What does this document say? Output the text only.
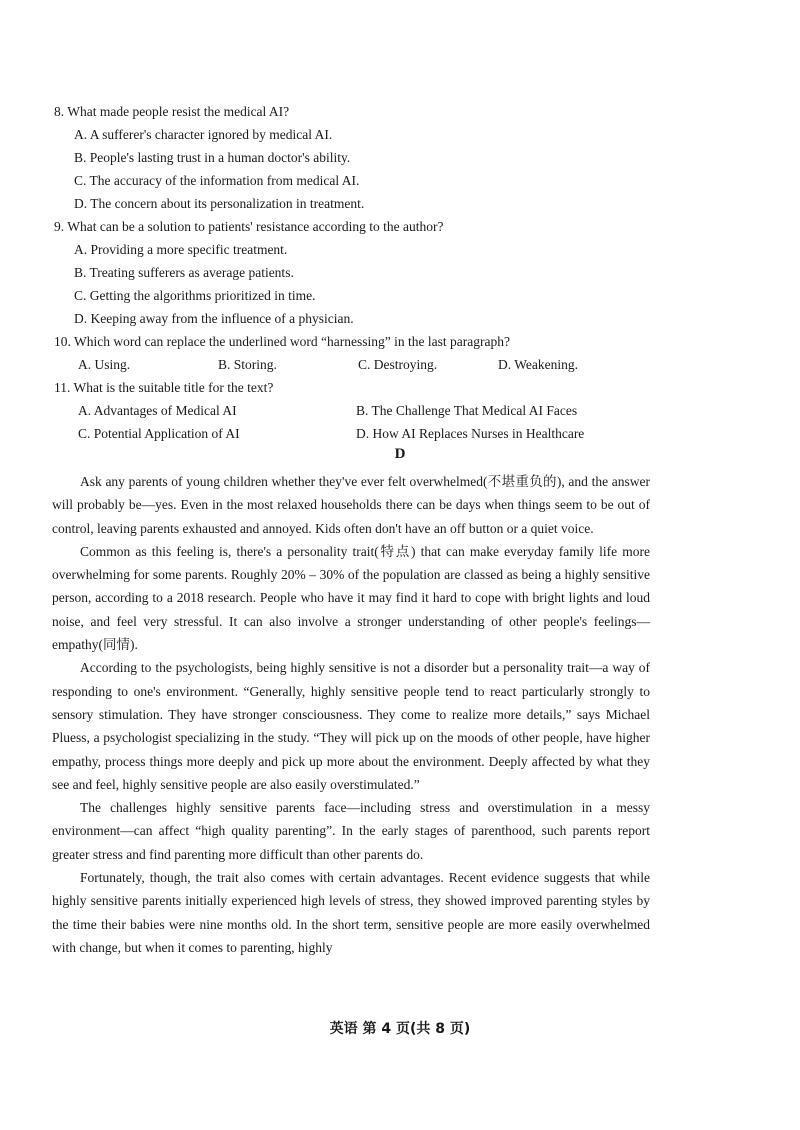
8. What made people resist the medical AI?
A. A sufferer's character ignored by medical AI.
B. People's lasting trust in a human doctor's ability.
C. The accuracy of the information from medical AI.
D. The concern about its personalization in treatment.
9. What can be a solution to patients' resistance according to the author?
A. Providing a more specific treatment.
B. Treating sufferers as average patients.
C. Getting the algorithms prioritized in time.
D. Keeping away from the influence of a physician.
10. Which word can replace the underlined word “harnessing” in the last paragraph?
A. Using.	B. Storing.	C. Destroying.	D. Weakening.
11. What is the suitable title for the text?
A. Advantages of Medical AI	B. The Challenge That Medical AI Faces
C. Potential Application of AI	D. How AI Replaces Nurses in Healthcare
D

Ask any parents of young children whether they've ever felt overwhelmed(不堪重负的), and the answer will probably be—yes. Even in the most relaxed households there can be days when things seem to be out of control, leaving parents exhausted and annoyed. Kids often don't have an off button or a quiet voice.

Common as this feeling is, there's a personality trait(特点) that can make everyday family life more overwhelming for some parents. Roughly 20% – 30% of the population are classed as being a highly sensitive person, according to a 2018 research. People who have it may find it hard to cope with bright lights and loud noise, and feel very stressful. It can also involve a stronger understanding of other people's feelings—empathy(同情).

According to the psychologists, being highly sensitive is not a disorder but a personality trait—a way of responding to one's environment. “Generally, highly sensitive people tend to react particularly strongly to sensory stimulation. They have stronger consciousness. They come to realize more details,” says Michael Pluess, a psychologist specializing in the study. “They will pick up on the moods of other people, have higher empathy, process things more deeply and pick up more about the environment. Deeply affected by what they see and feel, highly sensitive people are also easily overstimulated.”

The challenges highly sensitive parents face—including stress and overstimulation in a messy environment—can affect “high quality parenting”. In the early stages of parenthood, such parents report greater stress and find parenting more difficult than other parents do.

Fortunately, though, the trait also comes with certain advantages. Recent evidence suggests that while highly sensitive parents initially experienced high levels of stress, they showed improved parenting styles by the time their babies were nine months old. In the short term, sensitive people are more easily overwhelmed with change, but when it comes to parenting, highly

英语 第 4 页(共 8 页)
